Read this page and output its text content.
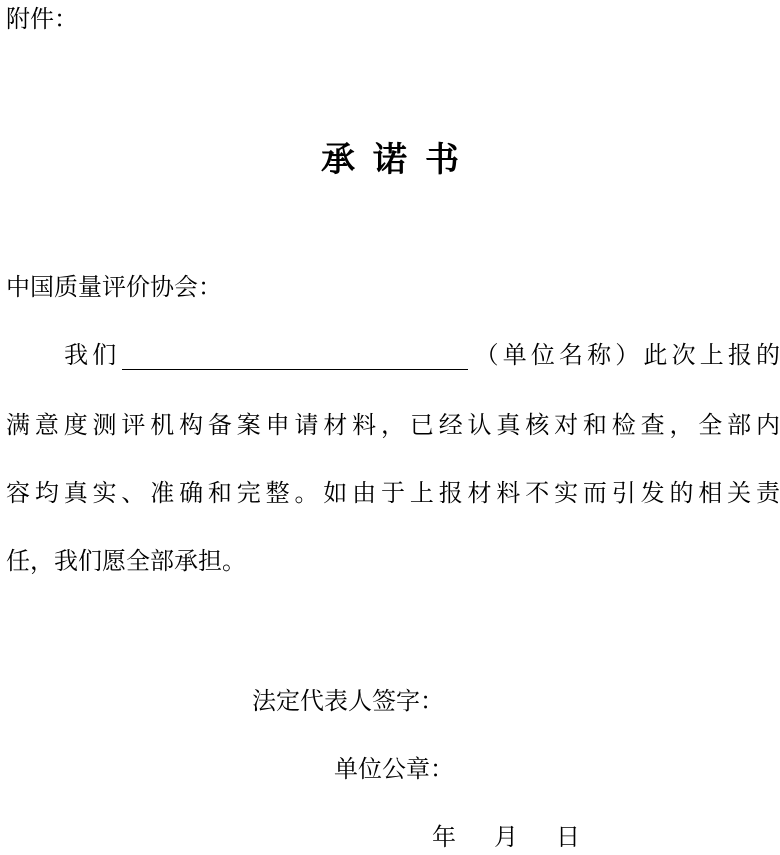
附件：
承诺书
中国质量评价协会：
我们	（单位名称）此次上报的
满意度测评机构备案申请材料，已经认真核对和检查，全部内
容均真实、准确和完整。如由于上报材料不实而引发的相关责
任，我们愿全部承担。
法定代表人签字：
单位公章：
年 月 日
